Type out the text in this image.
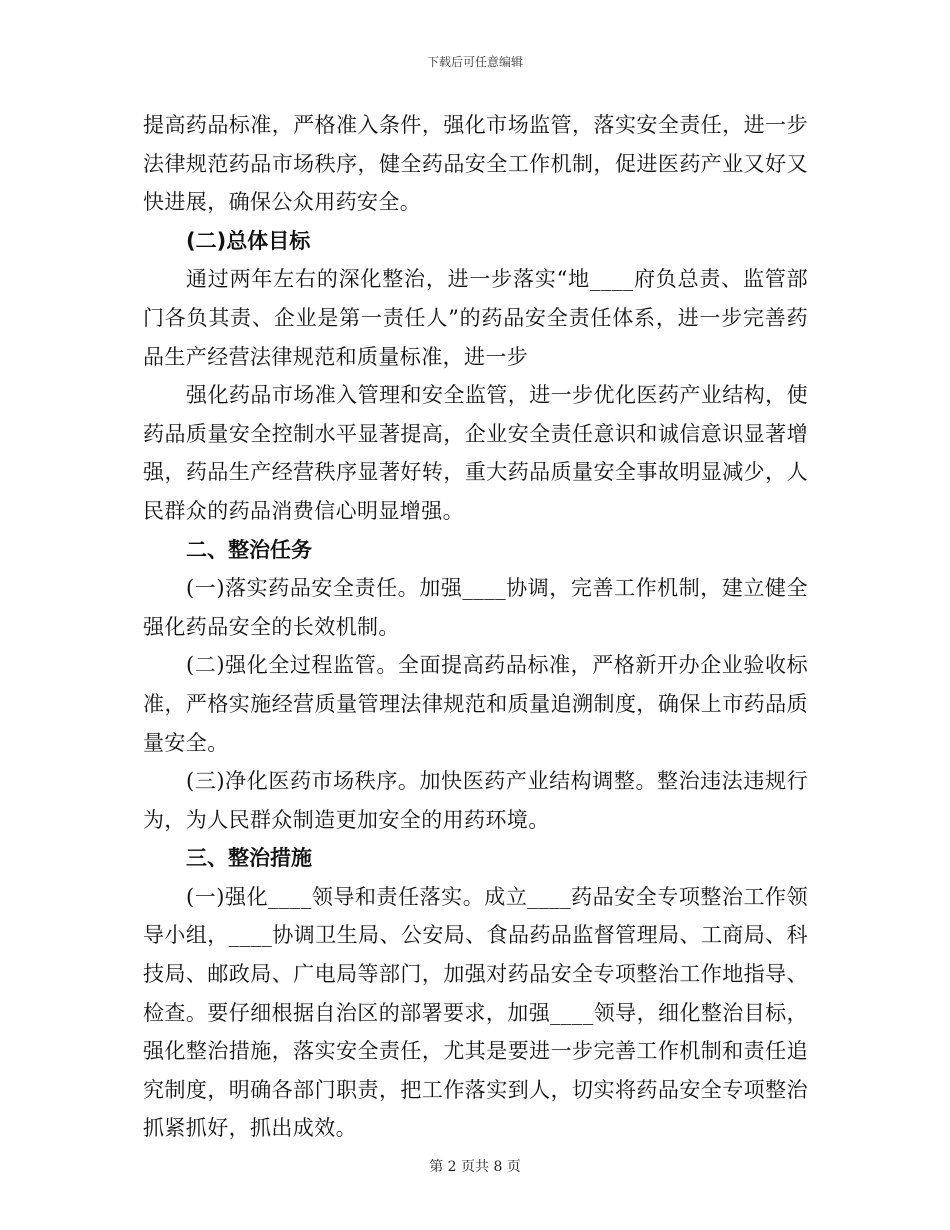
下载后可任意编辑

提高药品标准，严格准入条件，强化市场监管，落实安全责任，进一步法律规范药品市场秩序，健全药品安全工作机制，促进医药产业又好又快进展，确保公众用药安全。

(二)总体目标

通过两年左右的深化整治，进一步落实“地____府负总责、监管部门各负其责、企业是第一责任人”的药品安全责任体系，进一步完善药品生产经营法律规范和质量标准，进一步

强化药品市场准入管理和安全监管，进一步优化医药产业结构，使药品质量安全控制水平显著提高，企业安全责任意识和诚信意识显著增强，药品生产经营秩序显著好转，重大药品质量安全事故明显减少，人民群众的药品消费信心明显增强。

二、整治任务

(一)落实药品安全责任。加强____协调，完善工作机制，建立健全强化药品安全的长效机制。

(二)强化全过程监管。全面提高药品标准，严格新开办企业验收标准，严格实施经营质量管理法律规范和质量追溯制度，确保上市药品质量安全。

(三)净化医药市场秩序。加快医药产业结构调整。整治违法违规行为，为人民群众制造更加安全的用药环境。

三、整治措施

(一)强化____领导和责任落实。成立____药品安全专项整治工作领导小组，____协调卫生局、公安局、食品药品监督管理局、工商局、科技局、邮政局、广电局等部门，加强对药品安全专项整治工作地指导、检查。要仔细根据自治区的部署要求，加强____领导，细化整治目标，强化整治措施，落实安全责任，尤其是要进一步完善工作机制和责任追究制度，明确各部门职责，把工作落实到人，切实将药品安全专项整治抓紧抓好，抓出成效。

第 2 页共 8 页
